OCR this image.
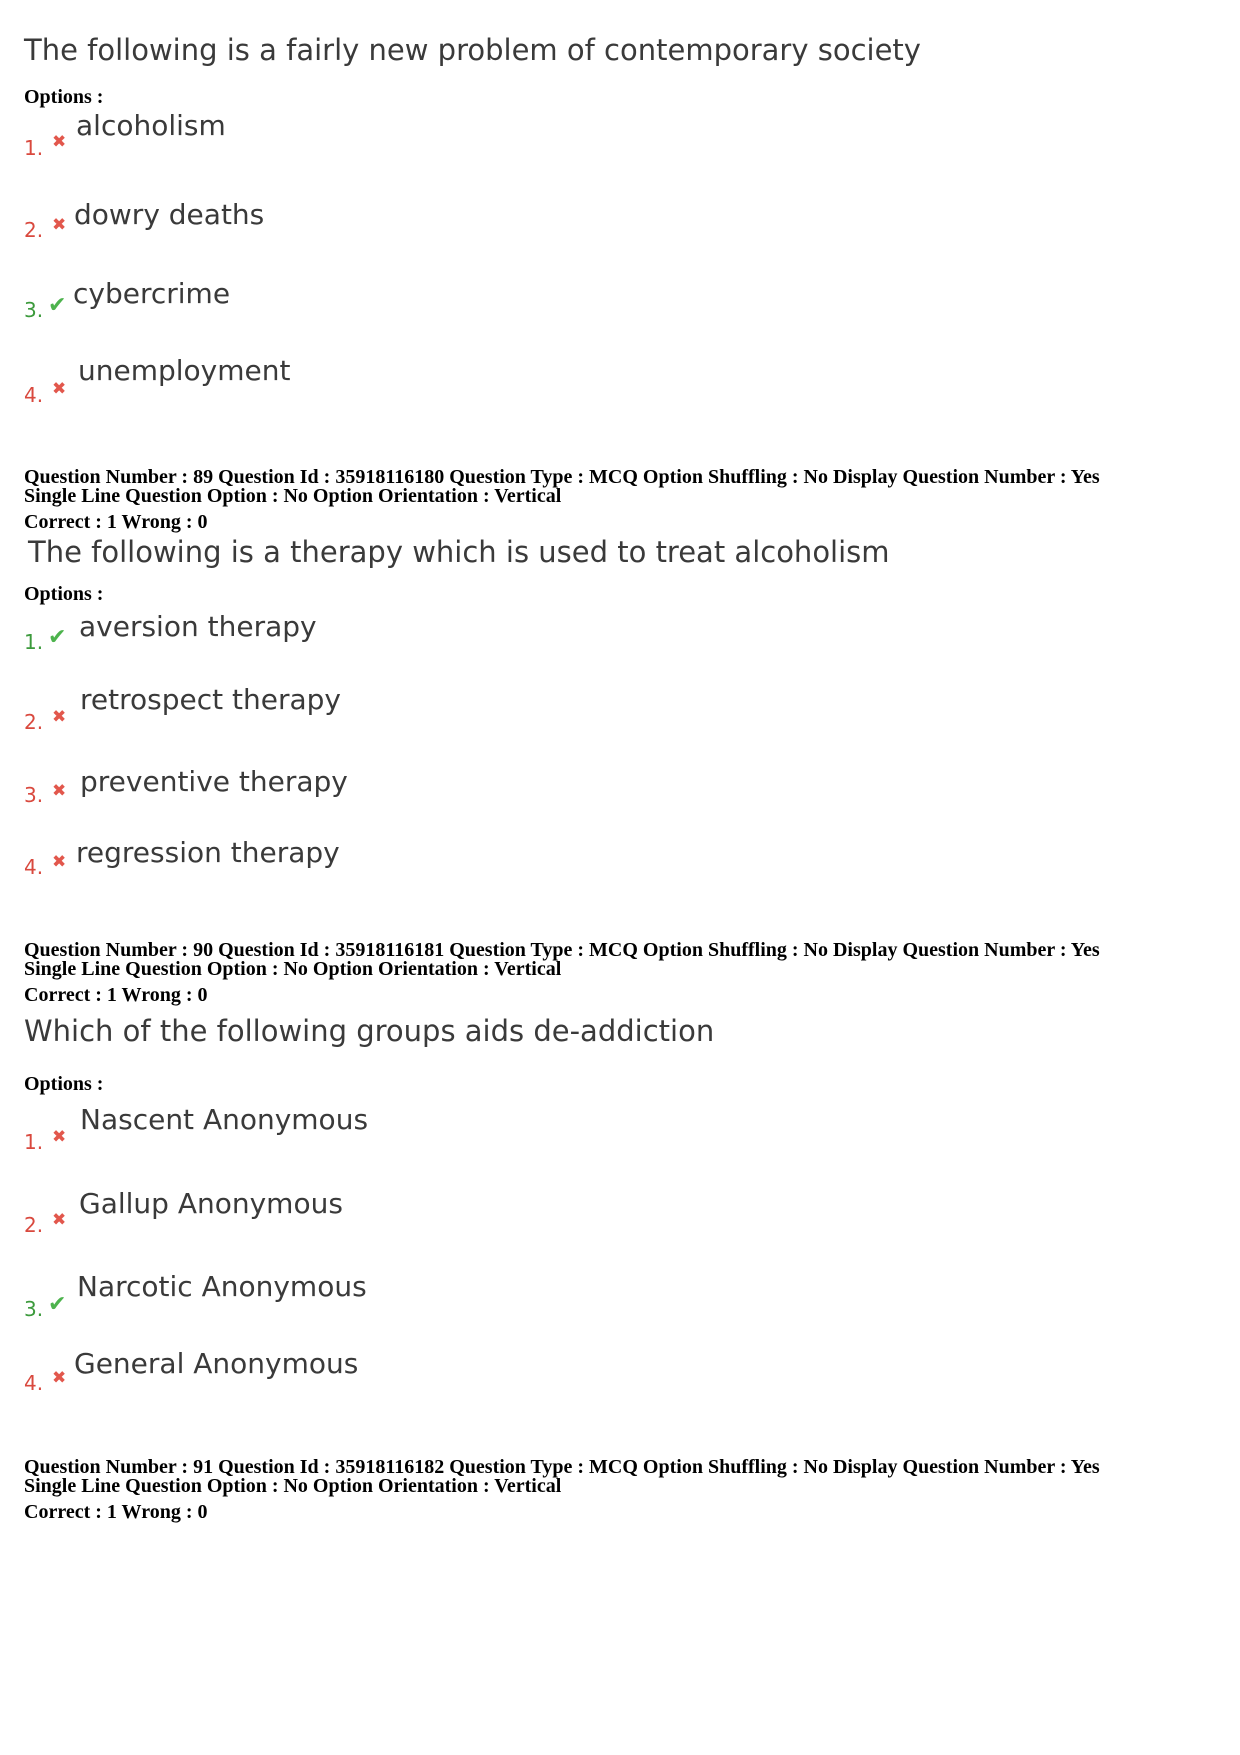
The following is a fairly new problem of contemporary society
Options :
1. ✖ alcoholism
2. ✖ dowry deaths
3. ✔ cybercrime
4. ✖
unemployment
Question Number : 89 Question Id : 35918116180 Question Type : MCQ Option Shuffling : No Display Question Number : Yes
Single Line Question Option : No Option Orientation : Vertical
Correct : 1 Wrong : 0
The following is a therapy which is used to treat alcoholism
Options :
1. ✔ aversion therapy
2. ✖
retrospect therapy
3. ✖ preventive therapy
4. ✖ regression therapy
Question Number : 90 Question Id : 35918116181 Question Type : MCQ Option Shuffling : No Display Question Number : Yes
Single Line Question Option : No Option Orientation : Vertical
Correct : 1 Wrong : 0
Which of the following groups aids de-addiction
Options :
1. ✖
Nascent Anonymous
2. ✖ Gallup Anonymous
3. ✔
Narcotic Anonymous
4. ✖ General Anonymous
Question Number : 91 Question Id : 35918116182 Question Type : MCQ Option Shuffling : No Display Question Number : Yes
Single Line Question Option : No Option Orientation : Vertical
Correct : 1 Wrong : 0
